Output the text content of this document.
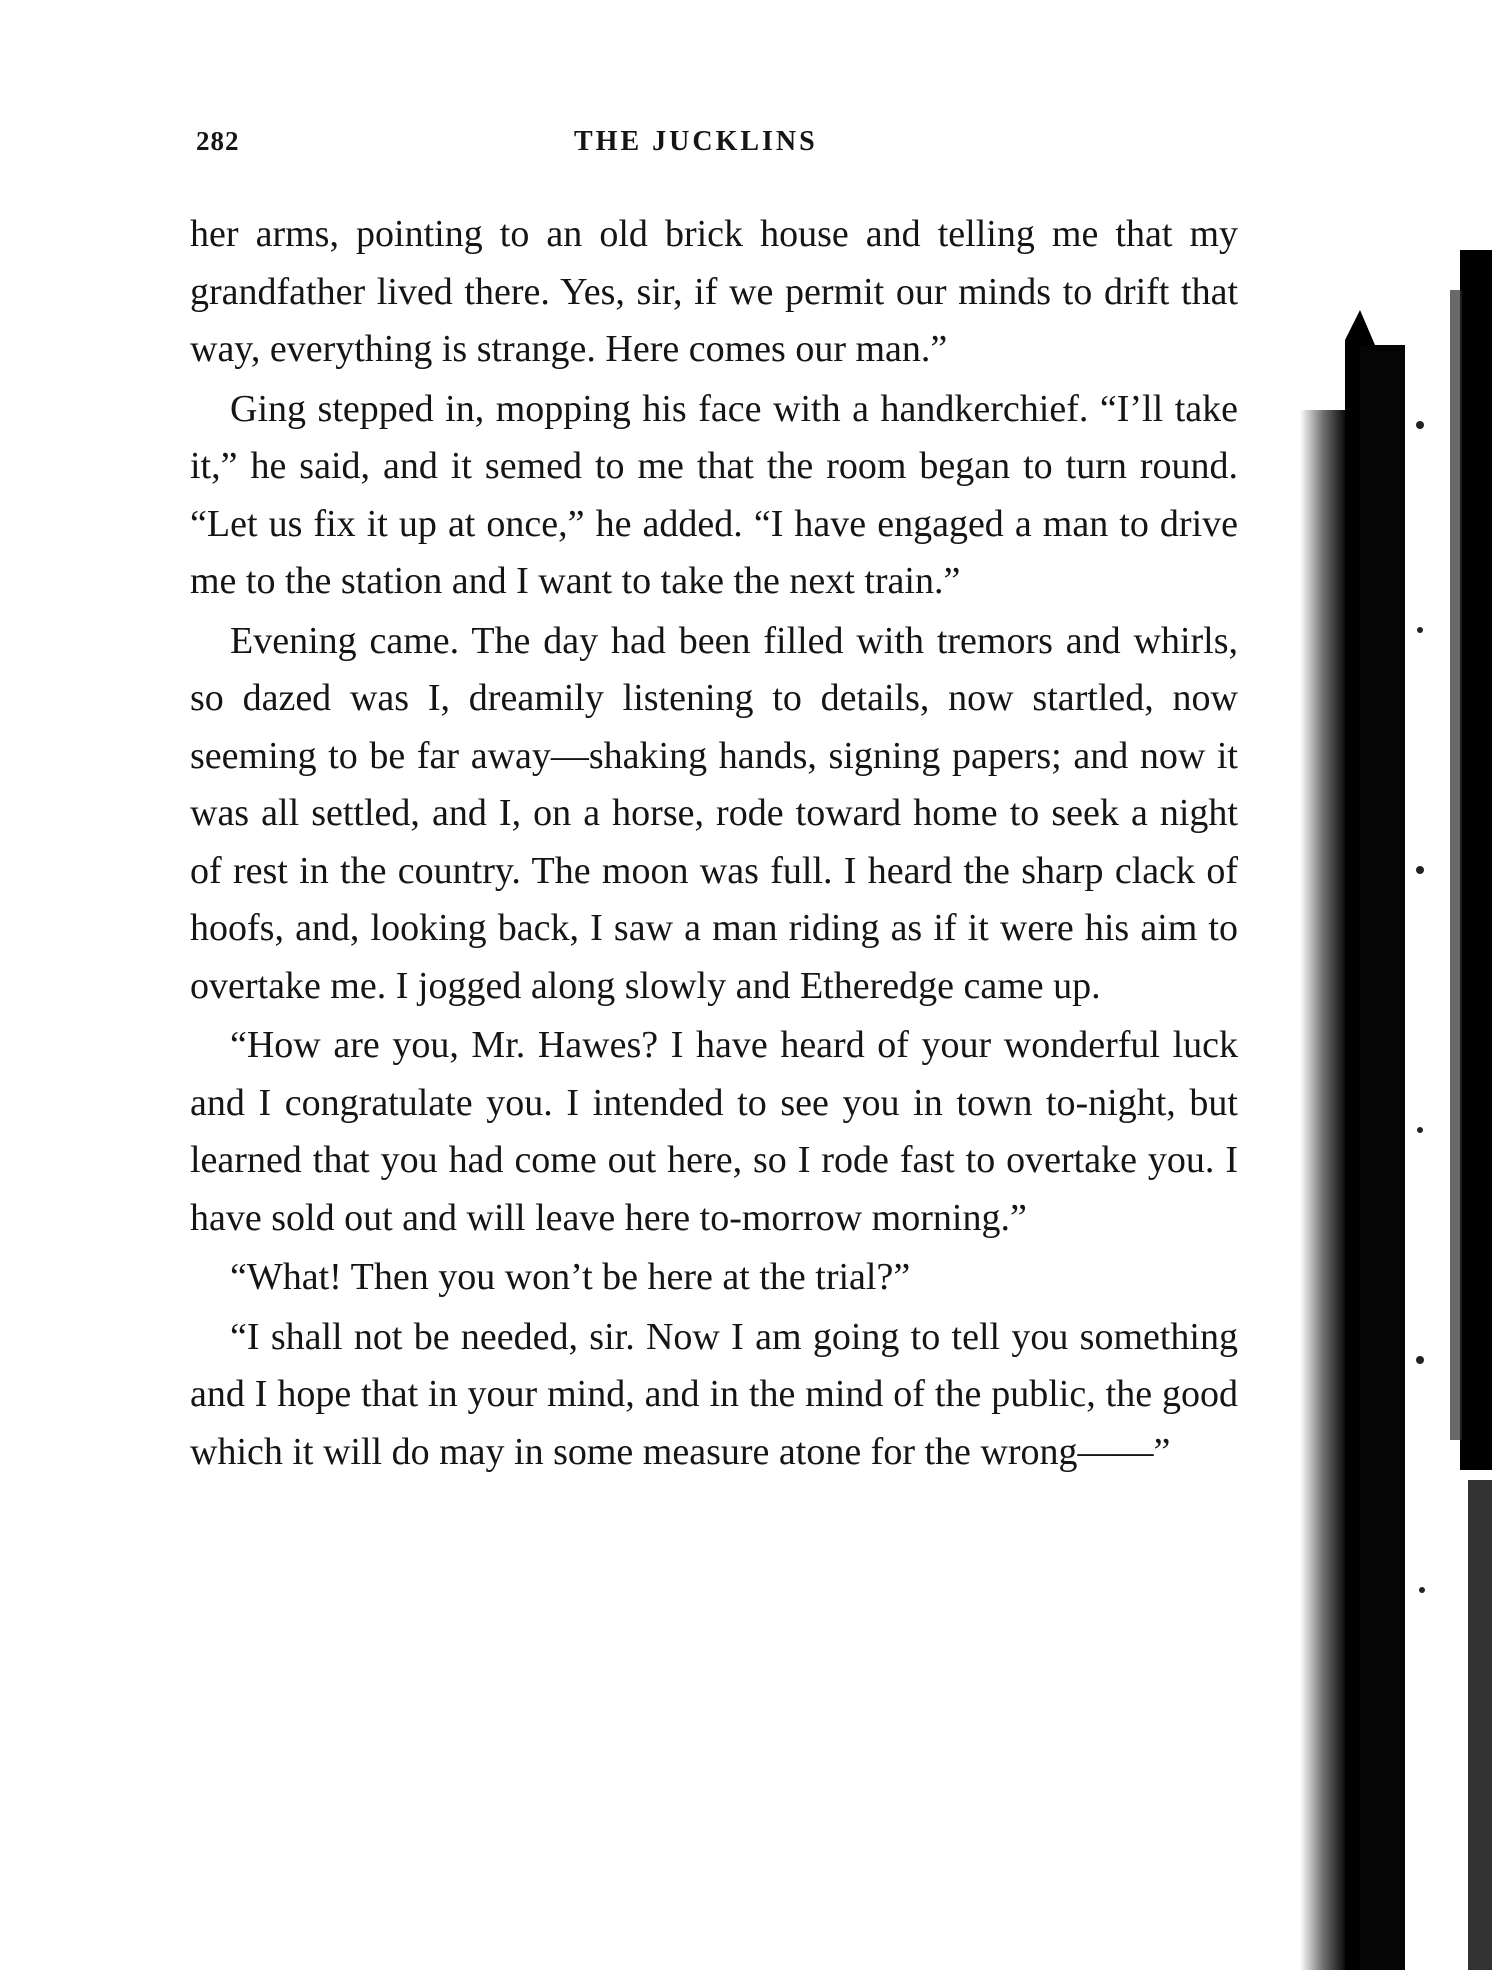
282	THE JUCKLINS

her arms, pointing to an old brick house and telling me that my grandfather lived there. Yes, sir, if we permit our minds to drift that way, everything is strange. Here comes our man.”

Ging stepped in, mopping his face with a handkerchief. “I’ll take it,” he said, and it semed to me that the room began to turn round. “Let us fix it up at once,” he added. “I have engaged a man to drive me to the station and I want to take the next train.”

Evening came. The day had been filled with tremors and whirls, so dazed was I, dreamily listening to details, now startled, now seeming to be far away—shaking hands, signing papers; and now it was all settled, and I, on a horse, rode toward home to seek a night of rest in the country. The moon was full. I heard the sharp clack of hoofs, and, looking back, I saw a man riding as if it were his aim to overtake me. I jogged along slowly and Etheredge came up.

“How are you, Mr. Hawes? I have heard of your wonderful luck and I congratulate you. I intended to see you in town to-night, but learned that you had come out here, so I rode fast to overtake you. I have sold out and will leave here to-morrow morning.”

“What! Then you won’t be here at the trial?”

“I shall not be needed, sir. Now I am going to tell you something and I hope that in your mind, and in the mind of the public, the good which it will do may in some measure atone for the wrong——”
